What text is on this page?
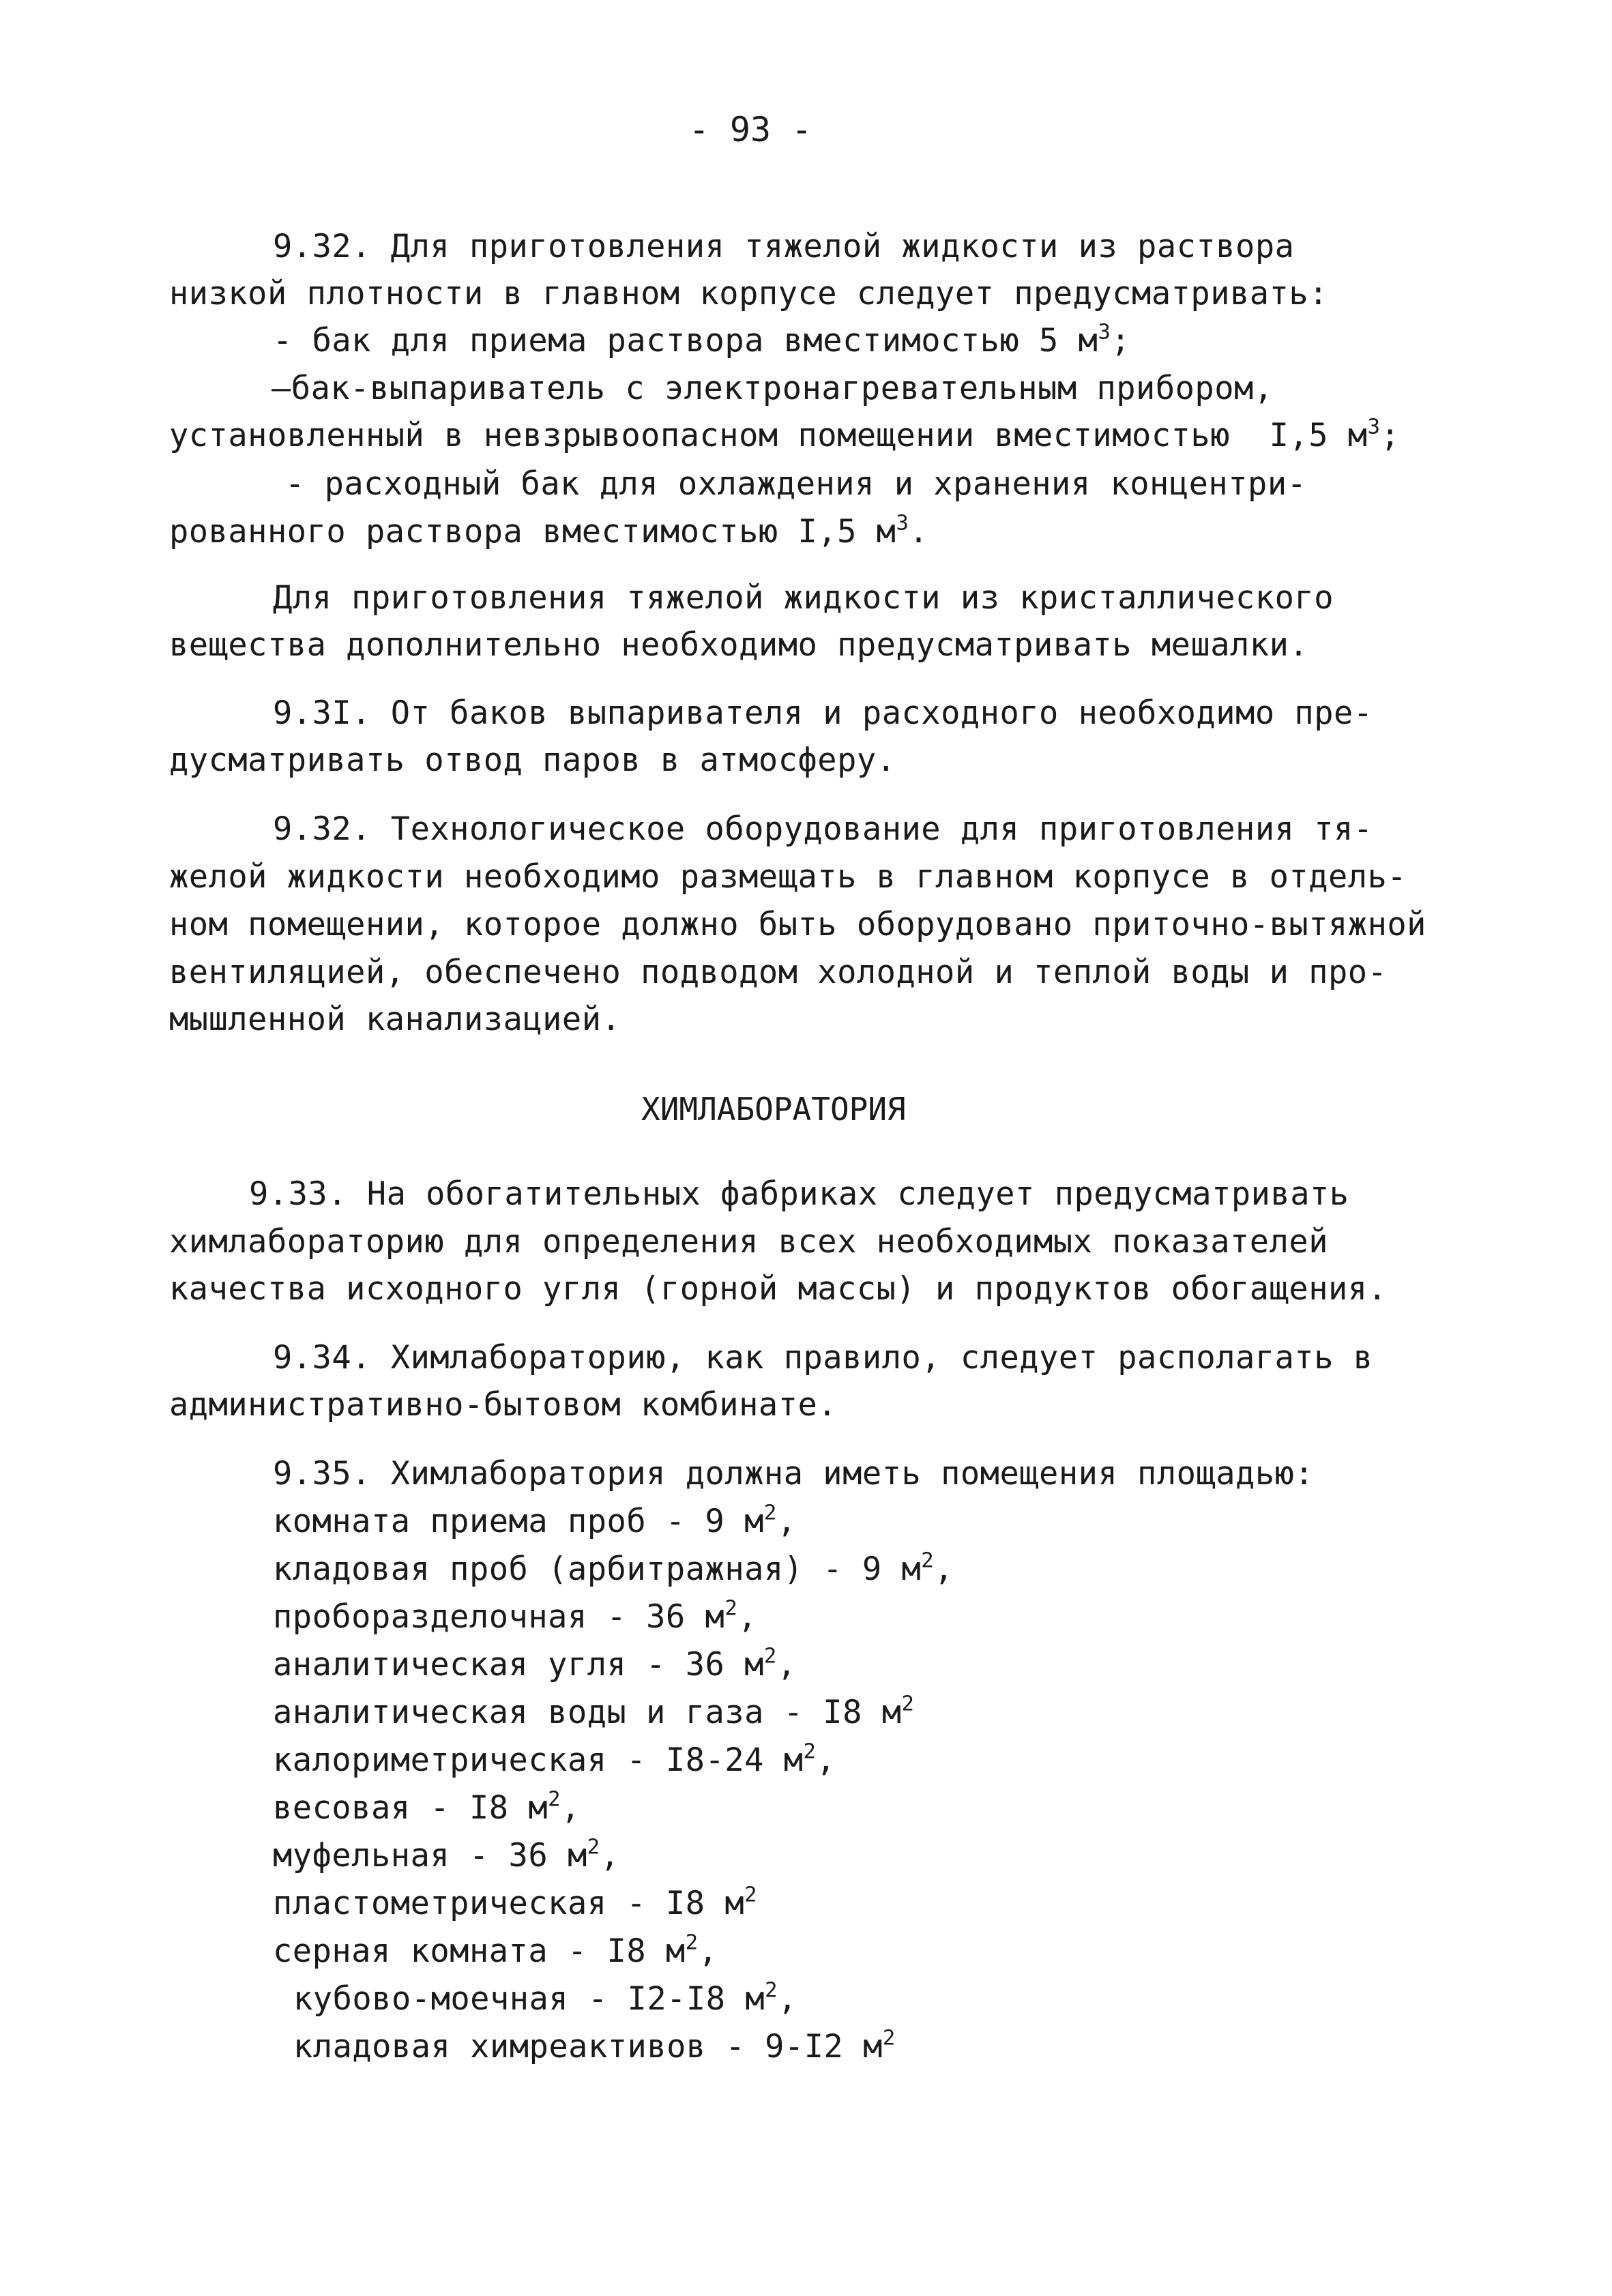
- 93 -
9.32. Для приготовления тяжелой жидкости из раствора
низкой плотности в главном корпусе следует предусматривать:
- бак для приема раствора вместимостью 5 $м^3$;
—бак-выпариватель с электронагревательным прибором,
установленный в невзрывоопасном помещении вместимостью  I,5 $м^3$;
- расходный бак для охлаждения и хранения концентри-
рованного раствора вместимостью I,5 $м^3$.
Для приготовления тяжелой жидкости из кристаллического
вещества дополнительно необходимо предусматривать мешалки.
9.3I. От баков выпаривателя и расходного необходимо пре-
дусматривать отвод паров в атмосферу.
9.32. Технологическое оборудование для приготовления тя-
желой жидкости необходимо размещать в главном корпусе в отдель-
ном помещении, которое должно быть оборудовано приточно-вытяжной
вентиляцией, обеспечено подводом холодной и теплой воды и про-
мышленной канализацией.
ХИМЛАБОРАТОРИЯ
9.33. На обогатительных фабриках следует предусматривать
химлабораторию для определения всех необходимых показателей
качества исходного угля (горной массы) и продуктов обогащения.
9.34. Химлабораторию, как правило, следует располагать в
административно-бытовом комбинате.
9.35. Химлаборатория должна иметь помещения площадью:
комната приема проб - 9 $м^2$,
кладовая проб (арбитражная) - 9 $м^2$,
проборазделочная - 36 $м^2$,
аналитическая угля - 36 $м^2$,
аналитическая воды и газа - I8 $м^2$
калориметрическая - I8-24 $м^2$,
весовая - I8 $м^2$,
муфельная - 36 $м^2$,
пластометрическая - I8 $м^2$
серная комната - I8 $м^2$,
кубово-моечная - I2-I8 $м^2$,
кладовая химреактивов - 9-I2 $м^2$
